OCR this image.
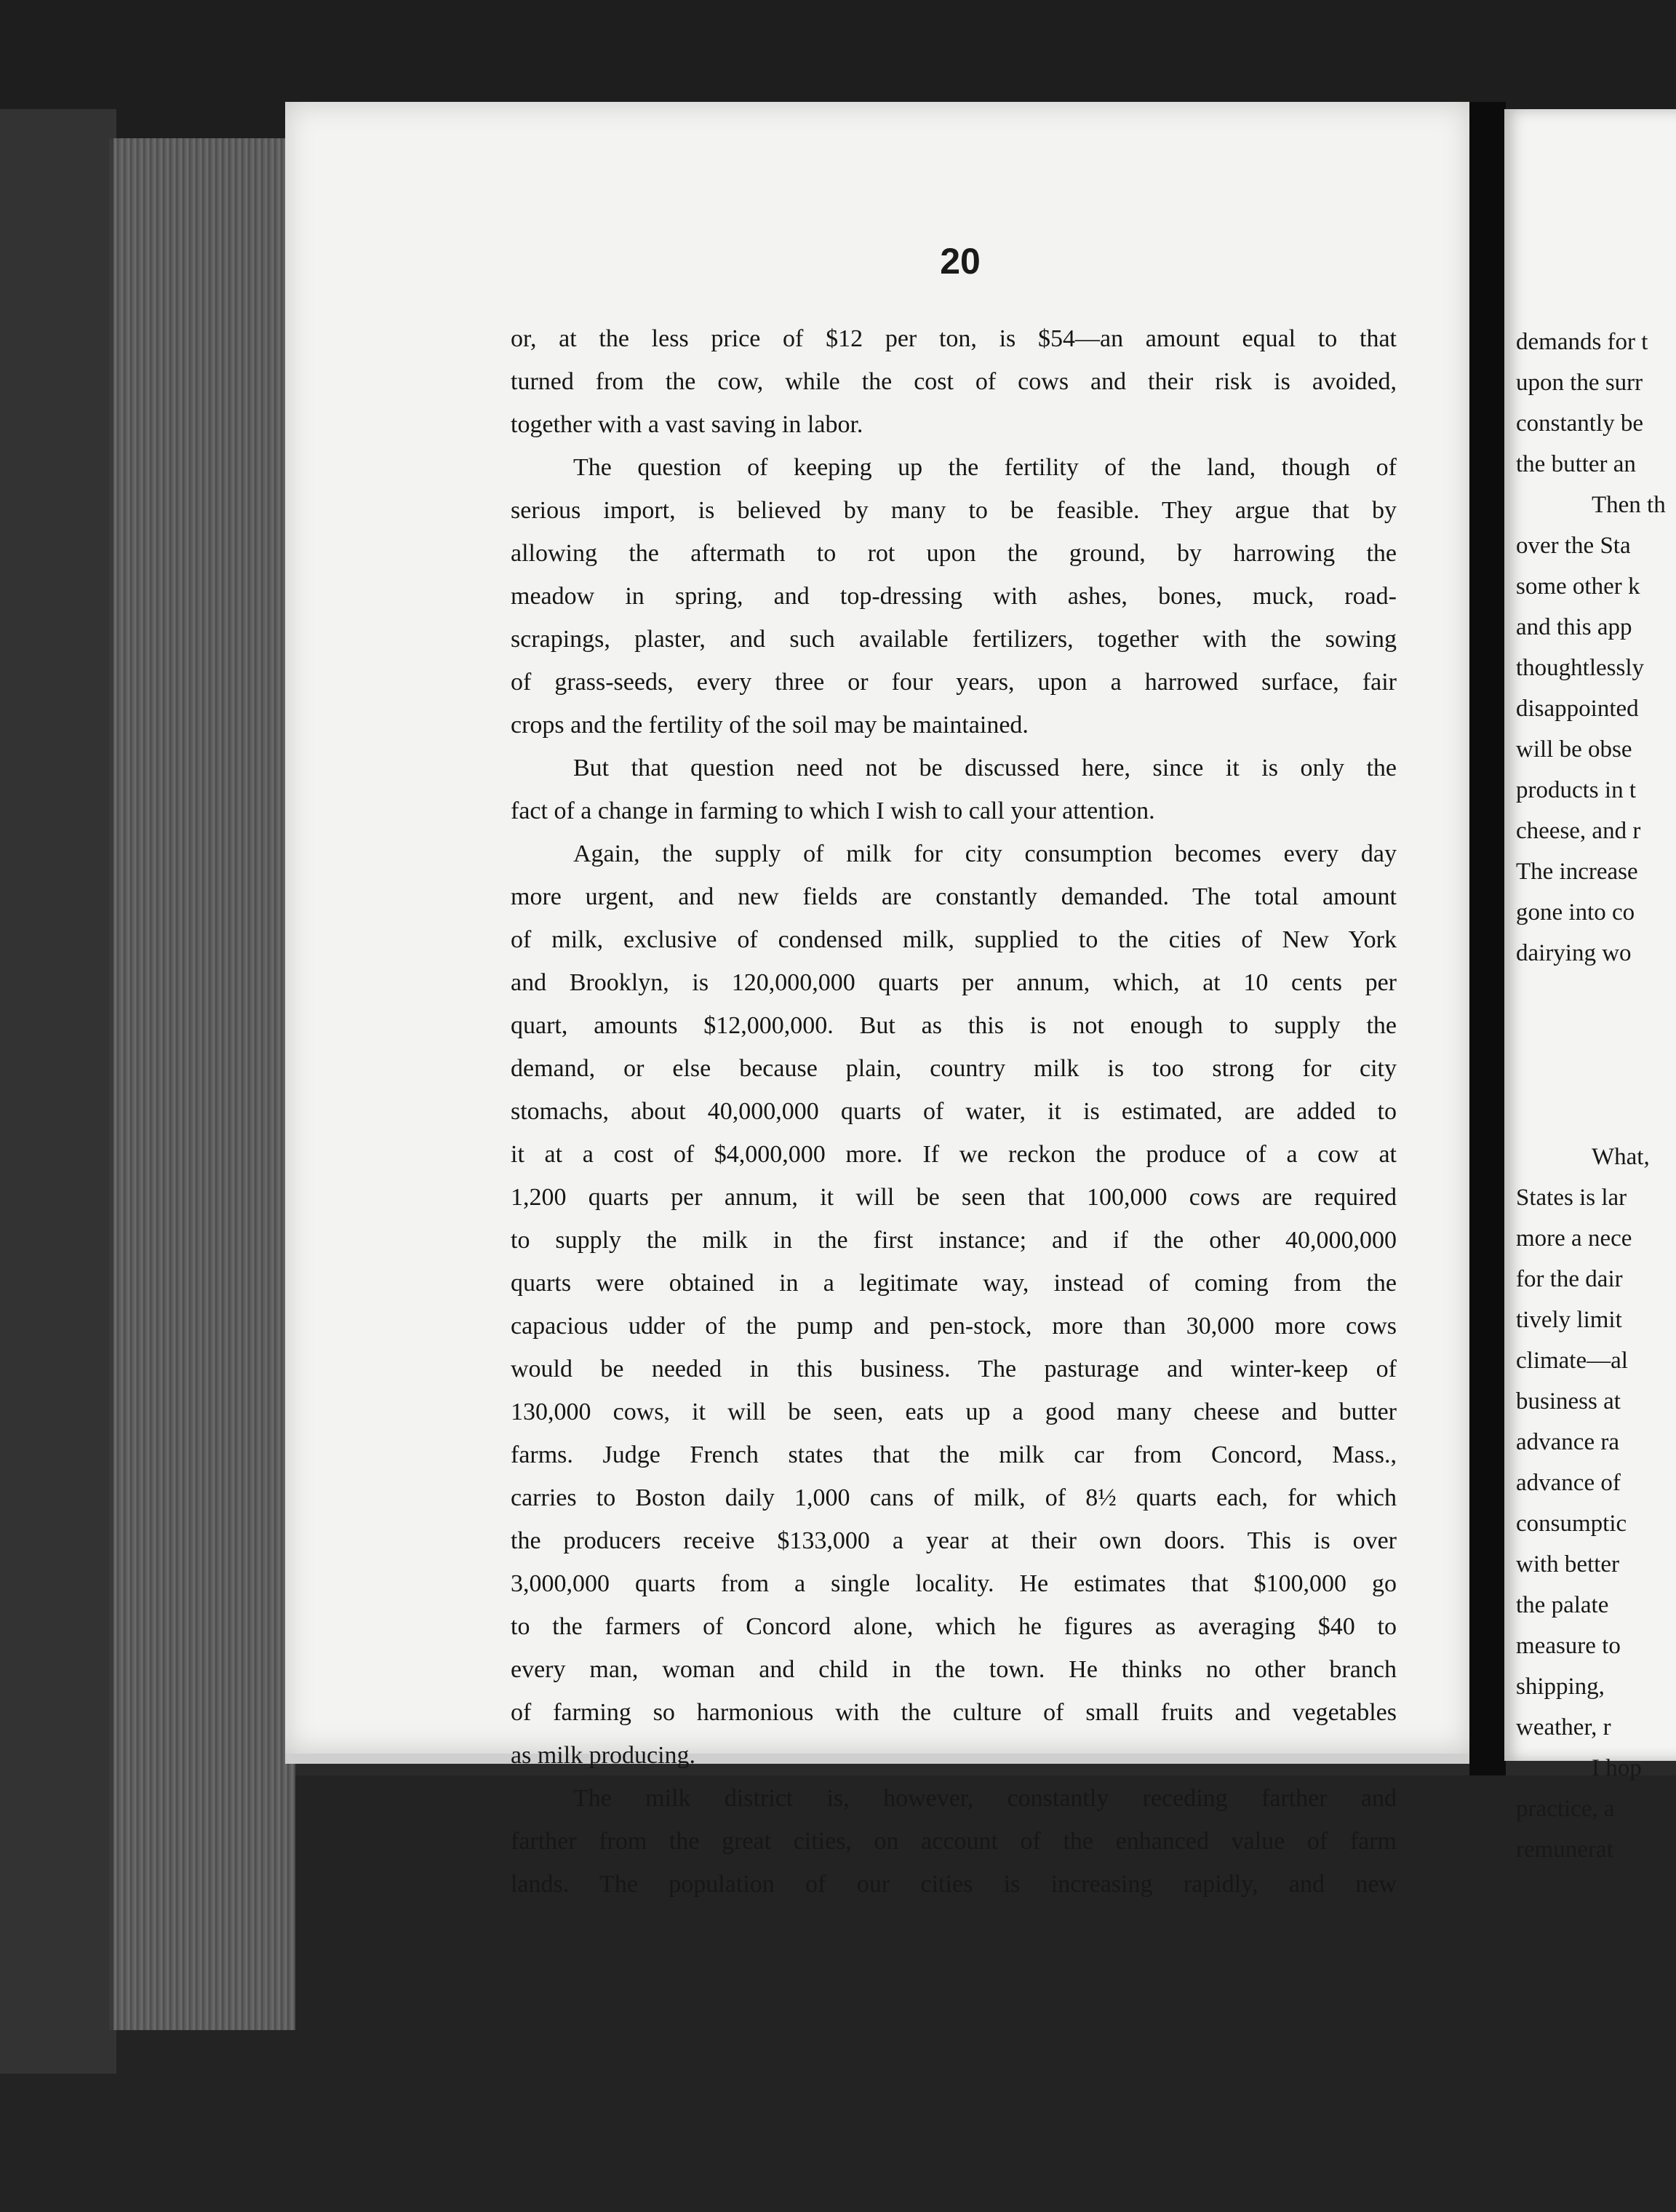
20
or, at the less price of $12 per ton, is $54—an amount equal to that
turned from the cow, while the cost of cows and their risk is avoided,
together with a vast saving in labor.
The question of keeping up the fertility of the land, though of
serious import, is believed by many to be feasible. They argue that by
allowing the aftermath to rot upon the ground, by harrowing the
meadow in spring, and top-dressing with ashes, bones, muck, road-
scrapings, plaster, and such available fertilizers, together with the sowing
of grass-seeds, every three or four years, upon a harrowed surface, fair
crops and the fertility of the soil may be maintained.
But that question need not be discussed here, since it is only the
fact of a change in farming to which I wish to call your attention.
Again, the supply of milk for city consumption becomes every day
more urgent, and new fields are constantly demanded. The total amount
of milk, exclusive of condensed milk, supplied to the cities of New York
and Brooklyn, is 120,000,000 quarts per annum, which, at 10 cents per
quart, amounts $12,000,000. But as this is not enough to supply the
demand, or else because plain, country milk is too strong for city
stomachs, about 40,000,000 quarts of water, it is estimated, are added to
it at a cost of $4,000,000 more. If we reckon the produce of a cow at
1,200 quarts per annum, it will be seen that 100,000 cows are required
to supply the milk in the first instance; and if the other 40,000,000
quarts were obtained in a legitimate way, instead of coming from the
capacious udder of the pump and pen-stock, more than 30,000 more cows
would be needed in this business. The pasturage and winter-keep of
130,000 cows, it will be seen, eats up a good many cheese and butter
farms. Judge French states that the milk car from Concord, Mass.,
carries to Boston daily 1,000 cans of milk, of 8½ quarts each, for which
the producers receive $133,000 a year at their own doors. This is over
3,000,000 quarts from a single locality. He estimates that $100,000 go
to the farmers of Concord alone, which he figures as averaging $40 to
every man, woman and child in the town. He thinks no other branch
of farming so harmonious with the culture of small fruits and vegetables
as milk producing.
The milk district is, however, constantly receding farther and
farther from the great cities, on account of the enhanced value of farm
lands. The population of our cities is increasing rapidly, and new
demands for t
upon the surr
constantly be
the butter an
Then th
over the Sta
some other k
and this app
thoughtlessly
disappointed
will be obse
products in t
cheese, and r
The increase
gone into co
dairying wo
What,
States is lar
more a nece
for the dair
tively limit
climate—al
business at
advance ra
advance of
consumptic
with better
the palate
measure to
shipping,
weather, r
I hop
practice, a
remunerat
